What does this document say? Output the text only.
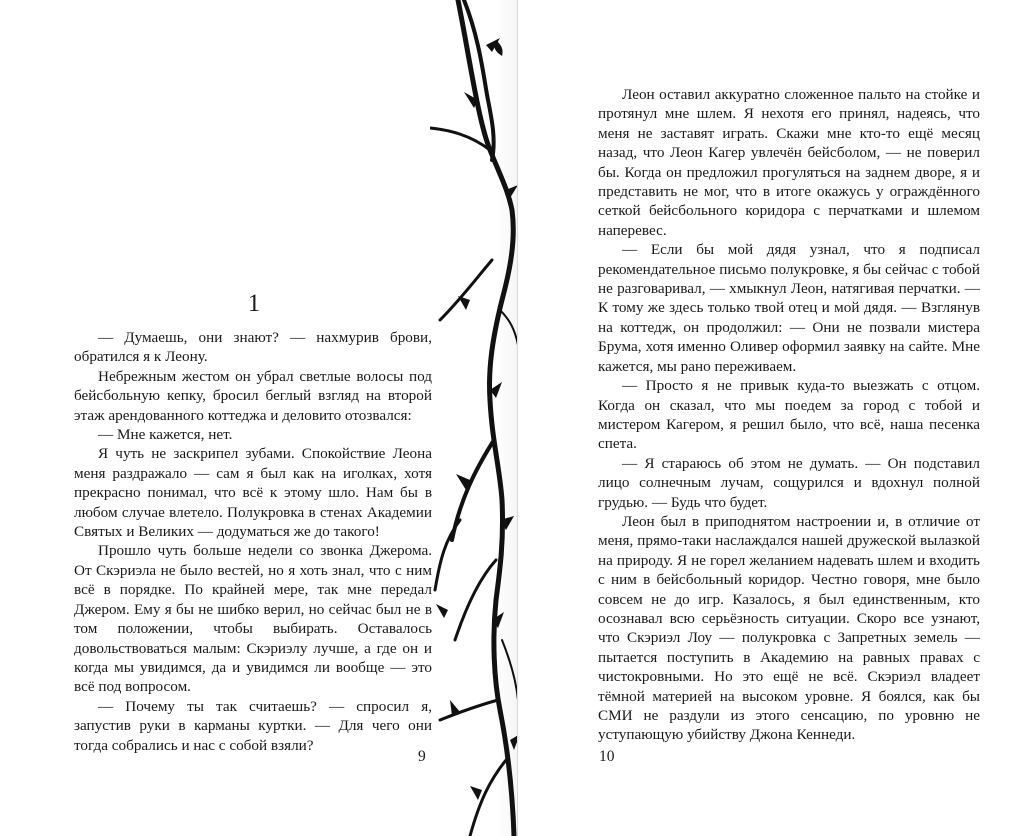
1

— Думаешь, они знают? — нахмурив брови, обратился я к Леону.

Небрежным жестом он убрал светлые волосы под бейсбольную кепку, бросил беглый взгляд на второй этаж арендованного коттеджа и деловито отозвался:

— Мне кажется, нет.

Я чуть не заскрипел зубами. Спокойствие Леона меня раздражало — сам я был как на иголках, хотя прекрасно понимал, что всё к этому шло. Нам бы в любом случае влетело. Полукровка в стенах Академии Святых и Великих — додуматься же до такого!

Прошло чуть больше недели со звонка Джерома. От Скэриэла не было вестей, но я хоть знал, что с ним всё в порядке. По крайней мере, так мне передал Джером. Ему я бы не шибко верил, но сейчас был не в том положении, чтобы выбирать. Оставалось довольствоваться малым: Скэриэлу лучше, а где он и когда мы увидимся, да и увидимся ли вообще — это всё под вопросом.

— Почему ты так считаешь? — спросил я, запустив руки в карманы куртки. — Для чего они тогда собрались и нас с собой взяли?

9

Леон оставил аккуратно сложенное пальто на стойке и протянул мне шлем. Я нехотя его принял, надеясь, что меня не заставят играть. Скажи мне кто-то ещё месяц назад, что Леон Кагер увлечён бейсболом, — не поверил бы. Когда он предложил прогуляться на заднем дворе, я и представить не мог, что в итоге окажусь у ограждённого сеткой бейсбольного коридора с перчатками и шлемом наперевес.

— Если бы мой дядя узнал, что я подписал рекомендательное письмо полукровке, я бы сейчас с тобой не разговаривал, — хмыкнул Леон, натягивая перчатки. — К тому же здесь только твой отец и мой дядя. — Взглянув на коттедж, он продолжил: — Они не позвали мистера Брума, хотя именно Оливер оформил заявку на сайте. Мне кажется, мы рано переживаем.

— Просто я не привык куда-то выезжать с отцом. Когда он сказал, что мы поедем за город с тобой и мистером Кагером, я решил было, что всё, наша песенка спета.

— Я стараюсь об этом не думать. — Он подставил лицо солнечным лучам, сощурился и вдохнул полной грудью. — Будь что будет.

Леон был в приподнятом настроении и, в отличие от меня, прямо-таки наслаждался нашей дружеской вылазкой на природу. Я не горел желанием надевать шлем и входить с ним в бейсбольный коридор. Честно говоря, мне было совсем не до игр. Казалось, я был единственным, кто осознавал всю серьёзность ситуации. Скоро все узнают, что Скэриэл Лоу — полукровка с Запретных земель — пытается поступить в Академию на равных правах с чистокровными. Но это ещё не всё. Скэриэл владеет тёмной материей на высоком уровне. Я боялся, как бы СМИ не раздули из этого сенсацию, по уровню не уступающую убийству Джона Кеннеди.

10
